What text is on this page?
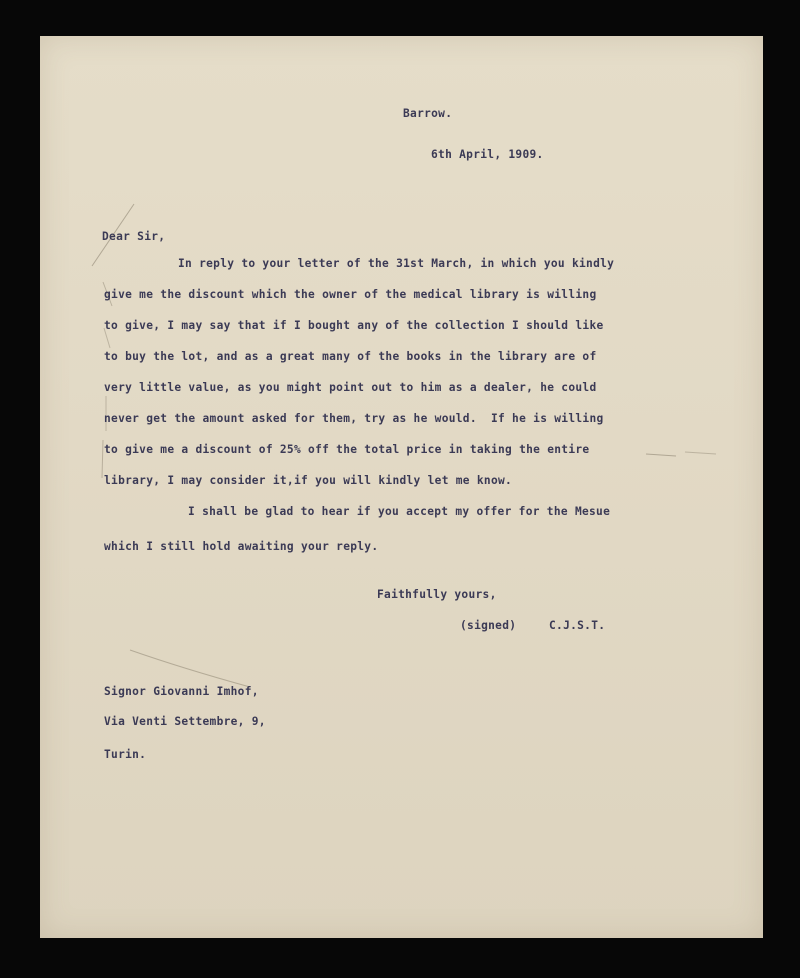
Barrow.
6th April, 1909.
Dear Sir,
In reply to your letter of the 31st March, in which you kindly
give me the discount which the owner of the medical library is willing
to give, I may say that if I bought any of the collection I should like
to buy the lot, and as a great many of the books in the library are of
very little value, as you might point out to him as a dealer, he could
never get the amount asked for them, try as he would.  If he is willing
to give me a discount of 25% off the total price in taking the entire
library, I may consider it,if you will kindly let me know.
I shall be glad to hear if you accept my offer for the Mesue
which I still hold awaiting your reply.
Faithfully yours,
(signed)	C.J.S.T.
Signor Giovanni Imhof,
Via Venti Settembre, 9,
Turin.
